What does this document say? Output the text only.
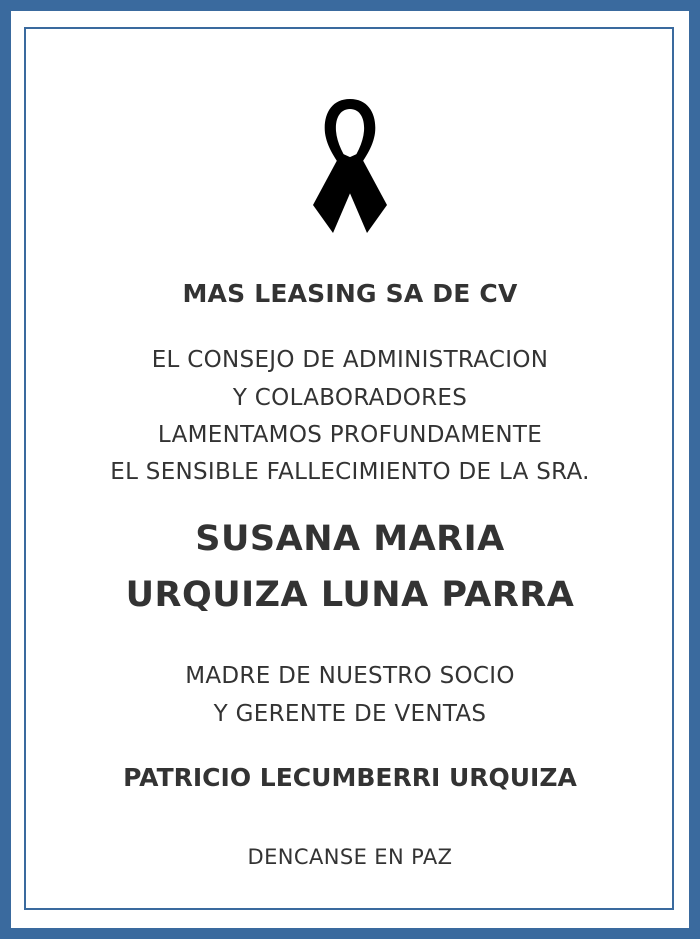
MAS LEASING SA DE CV
EL CONSEJO DE ADMINISTRACION
Y COLABORADORES
LAMENTAMOS PROFUNDAMENTE
EL SENSIBLE FALLECIMIENTO DE LA SRA.
SUSANA MARIA
URQUIZA LUNA PARRA
MADRE DE NUESTRO SOCIO
Y GERENTE DE VENTAS
PATRICIO LECUMBERRI URQUIZA
DENCANSE EN PAZ
